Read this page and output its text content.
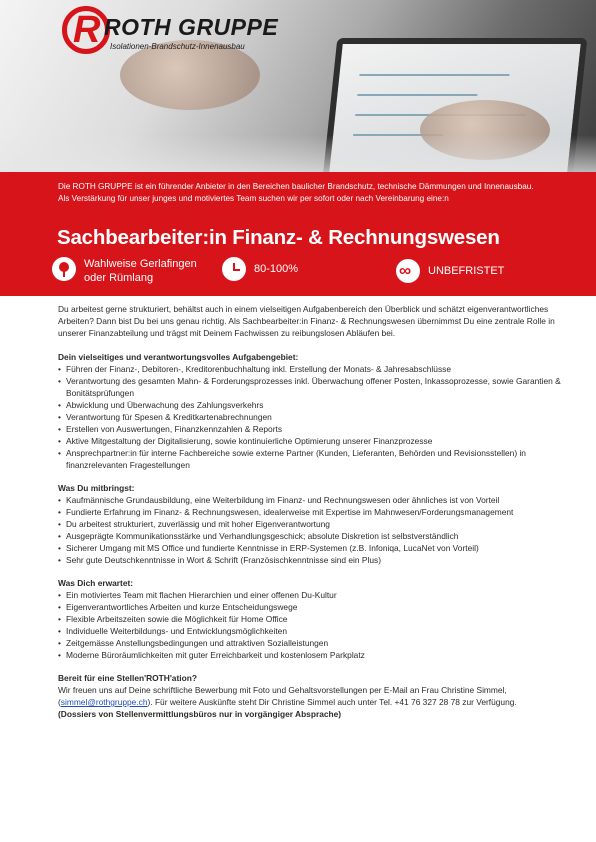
R ROTH GRUPPE
Isolationen-Brandschutz-Innenausbau
Die ROTH GRUPPE ist ein führender Anbieter in den Bereichen baulicher Brandschutz, technische Dämmungen und Innenausbau. Als Verstärkung für unser junges und motiviertes Team suchen wir per sofort oder nach Vereinbarung eine:n
Sachbearbeiter:in Finanz- & Rechnungswesen
Wahlweise Gerlafingen
oder Rümlang
80-100%	∞ UNBEFRISTET

Du arbeitest gerne strukturiert, behältst auch in einem vielseitigen Aufgabenbereich den Überblick und schätzt eigenverantwortliches Arbeiten? Dann bist Du bei uns genau richtig. Als Sachbearbeiter:in Finanz- & Rechnungswesen übernimmst Du eine zentrale Rolle in unserer Finanzabteilung und trägst mit Deinem Fachwissen zu reibungslosen Abläufen bei.

Dein vielseitiges und verantwortungsvolles Aufgabengebiet:
• Führen der Finanz-, Debitoren-, Kreditorenbuchhaltung inkl. Erstellung der Monats- & Jahresabschlüsse
• Verantwortung des gesamten Mahn- & Forderungsprozesses inkl. Überwachung offener Posten, Inkassoprozesse, sowie Garantien & Bonitätsprüfungen
• Abwicklung und Überwachung des Zahlungsverkehrs
• Verantwortung für Spesen & Kreditkartenabrechnungen
• Erstellen von Auswertungen, Finanzkennzahlen & Reports
• Aktive Mitgestaltung der Digitalisierung, sowie kontinuierliche Optimierung unserer Finanzprozesse
• Ansprechpartner:in für interne Fachbereiche sowie externe Partner (Kunden, Lieferanten, Behörden und Revisionsstellen) in finanzrelevanten Fragestellungen
Was Du mitbringst:
• Kaufmännische Grundausbildung, eine Weiterbildung im Finanz- und Rechnungswesen oder ähnliches ist von Vorteil
• Fundierte Erfahrung im Finanz- & Rechnungswesen, idealerweise mit Expertise im Mahnwesen/Forderungsmanagement
• Du arbeitest strukturiert, zuverlässig und mit hoher Eigenverantwortung
• Ausgeprägte Kommunikationsstärke und Verhandlungsgeschick; absolute Diskretion ist selbstverständlich
• Sicherer Umgang mit MS Office und fundierte Kenntnisse in ERP-Systemen (z.B. Infoniqa, LucaNet von Vorteil)
• Sehr gute Deutschkenntnisse in Wort & Schrift (Französischkenntnisse sind ein Plus)
Was Dich erwartet:
• Ein motiviertes Team mit flachen Hierarchien und einer offenen Du-Kultur
• Eigenverantwortliches Arbeiten und kurze Entscheidungswege
• Flexible Arbeitszeiten sowie die Möglichkeit für Home Office
• Individuelle Weiterbildungs- und Entwicklungsmöglichkeiten
• Zeitgemässe Anstellungsbedingungen und attraktiven Sozialleistungen
• Moderne Büroräumlichkeiten mit guter Erreichbarkeit und kostenlosem Parkplatz
Bereit für eine Stellen'ROTH'ation?

Wir freuen uns auf Deine schriftliche Bewerbung mit Foto und Gehaltsvorstellungen per E-Mail an Frau Christine Simmel, (simmel@rothgruppe.ch). Für weitere Auskünfte steht Dir Christine Simmel auch unter Tel. +41 76 327 28 78 zur Verfügung.

(Dossiers von Stellenvermittlungsbüros nur in vorgängiger Absprache)
